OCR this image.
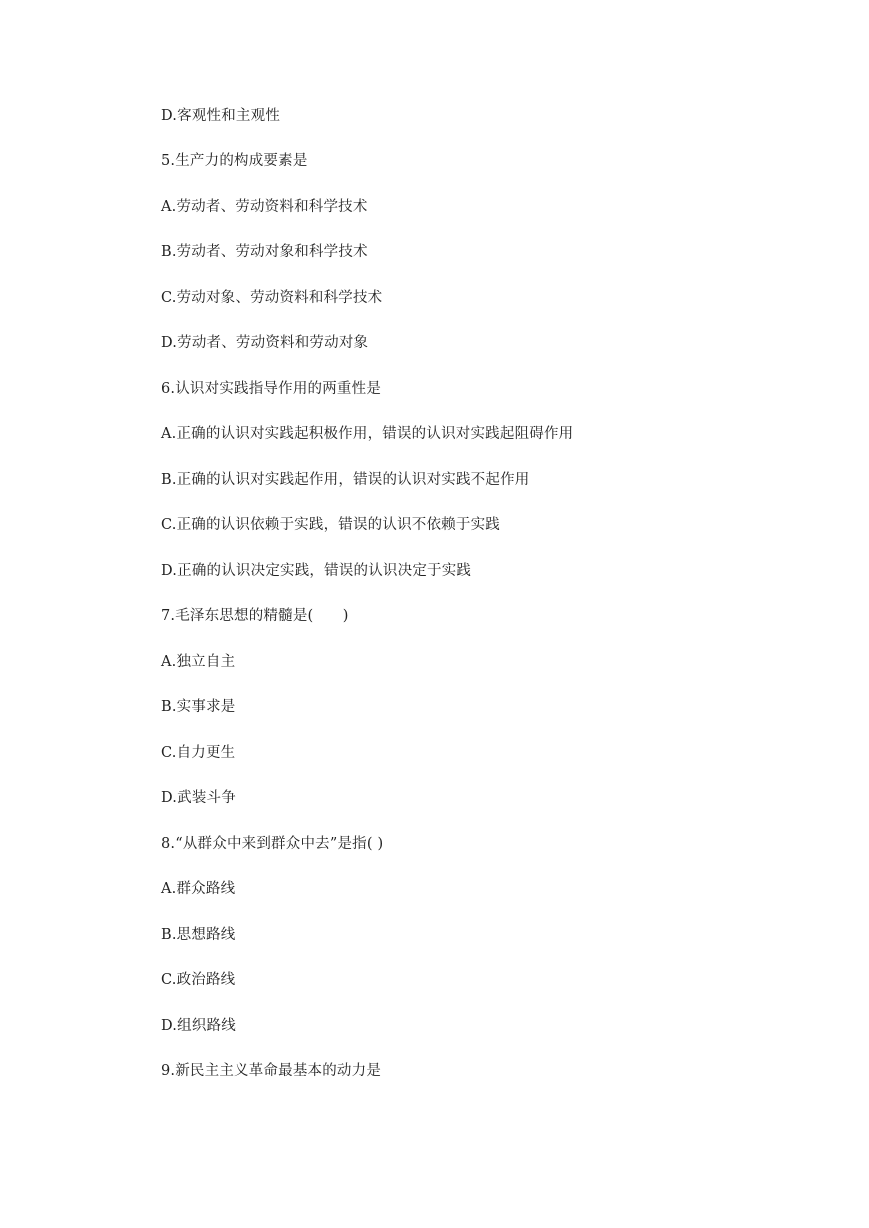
D.客观性和主观性
5.生产力的构成要素是
A.劳动者、劳动资料和科学技术
B.劳动者、劳动对象和科学技术
C.劳动对象、劳动资料和科学技术
D.劳动者、劳动资料和劳动对象
6.认识对实践指导作用的两重性是
A.正确的认识对实践起积极作用，错误的认识对实践起阻碍作用
B.正确的认识对实践起作用，错误的认识对实践不起作用
C.正确的认识依赖于实践，错误的认识不依赖于实践
D.正确的认识决定实践，错误的认识决定于实践
7.毛泽东思想的精髓是(　　)
A.独立自主
B.实事求是
C.自力更生
D.武装斗争
8.“从群众中来到群众中去”是指( )
A.群众路线
B.思想路线
C.政治路线
D.组织路线
9.新民主主义革命最基本的动力是
